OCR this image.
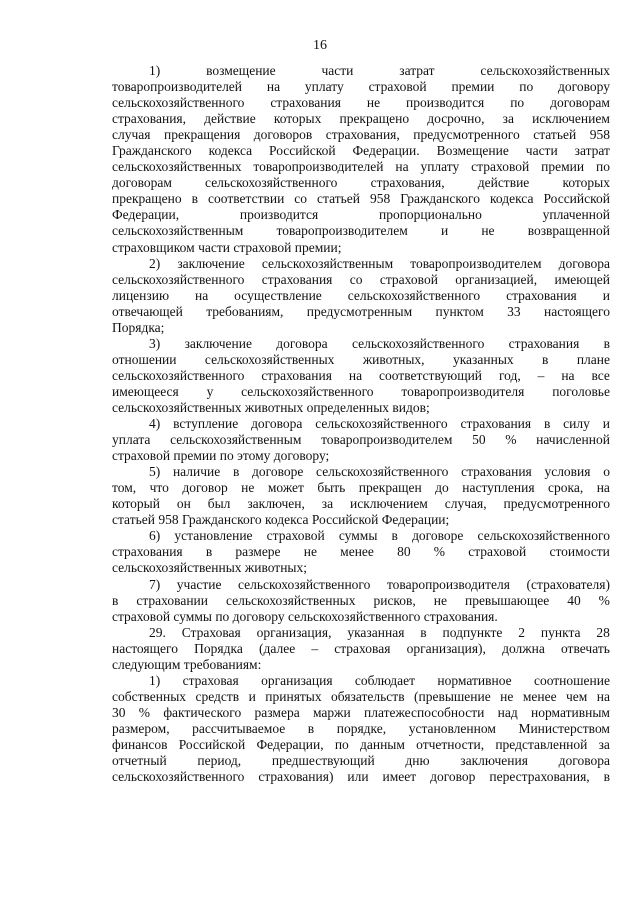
16
1)	возмещение	части	затрат	сельскохозяйственных
товаропроизводителей на уплату страховой премии по договору
сельскохозяйственного страхования не производится по договорам
страхования, действие которых прекращено досрочно, за исключением
случая прекращения договоров страхования, предусмотренного статьей 958
Гражданского кодекса Российской Федерации. Возмещение части затрат
сельскохозяйственных товаропроизводителей на уплату страховой премии по
договорам сельскохозяйственного страхования, действие которых
прекращено в соответствии со статьей 958 Гражданского кодекса Российской
Федерации,	производится	пропорционально	уплаченной
сельскохозяйственным товаропроизводителем и не возвращенной
страховщиком части страховой премии;
2) заключение сельскохозяйственным товаропроизводителем договора
сельскохозяйственного страхования со страховой организацией, имеющей
лицензию на осуществление сельскохозяйственного страхования и
отвечающей требованиям, предусмотренным пунктом 33 настоящего
Порядка;
3) заключение договора сельскохозяйственного страхования в
отношении сельскохозяйственных животных, указанных в плане
сельскохозяйственного страхования на соответствующий год, – на все
имеющееся у сельскохозяйственного товаропроизводителя поголовье
сельскохозяйственных животных определенных видов;
4) вступление договора сельскохозяйственного страхования в силу и
уплата сельскохозяйственным товаропроизводителем 50 % начисленной
страховой премии по этому договору;
5) наличие в договоре сельскохозяйственного страхования условия о
том, что договор не может быть прекращен до наступления срока, на
который он был заключен, за исключением случая, предусмотренного
статьей 958 Гражданского кодекса Российской Федерации;
6) установление страховой суммы в договоре сельскохозяйственного
страхования в размере не менее 80 % страховой стоимости
сельскохозяйственных животных;
7) участие сельскохозяйственного товаропроизводителя (страхователя)
в страховании сельскохозяйственных рисков, не превышающее 40 %
страховой суммы по договору сельскохозяйственного страхования.
29. Страховая организация, указанная в подпункте 2 пункта 28
настоящего Порядка (далее – страховая организация), должна отвечать
следующим требованиям:
1) страховая организация соблюдает нормативное соотношение
собственных средств и принятых обязательств (превышение не менее чем на
30 % фактического размера маржи платежеспособности над нормативным
размером, рассчитываемое в порядке, установленном Министерством
финансов Российской Федерации, по данным отчетности, представленной за
отчетный период, предшествующий дню заключения договора
сельскохозяйственного страхования) или имеет договор перестрахования, в
